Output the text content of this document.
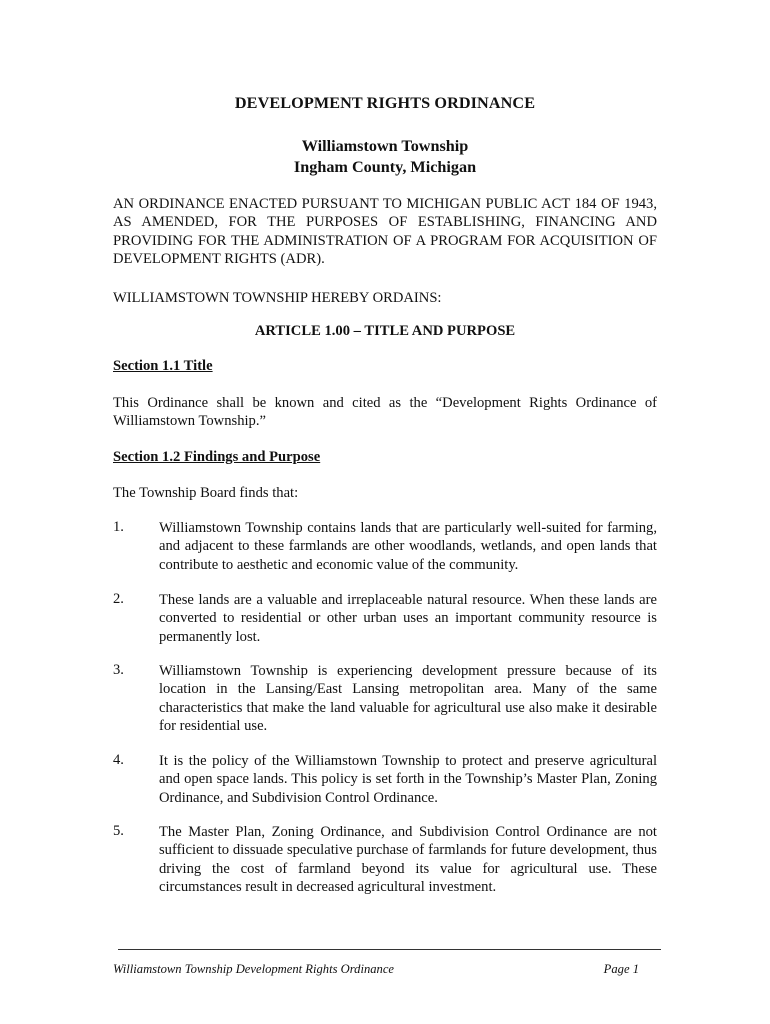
DEVELOPMENT RIGHTS ORDINANCE
Williamstown Township
Ingham County, Michigan

AN ORDINANCE ENACTED PURSUANT TO MICHIGAN PUBLIC ACT 184 OF 1943, AS AMENDED, FOR THE PURPOSES OF ESTABLISHING, FINANCING AND PROVIDING FOR THE ADMINISTRATION OF A PROGRAM FOR ACQUISITION OF DEVELOPMENT RIGHTS (ADR).

WILLIAMSTOWN TOWNSHIP HEREBY ORDAINS:

ARTICLE 1.00 – TITLE AND PURPOSE

Section 1.1 Title

This Ordinance shall be known and cited as the “Development Rights Ordinance of Williamstown Township.”

Section 1.2 Findings and Purpose

The Township Board finds that:

1. Williamstown Township contains lands that are particularly well-suited for farming, and adjacent to these farmlands are other woodlands, wetlands, and open lands that contribute to aesthetic and economic value of the community.

2. These lands are a valuable and irreplaceable natural resource. When these lands are converted to residential or other urban uses an important community resource is permanently lost.

3. Williamstown Township is experiencing development pressure because of its location in the Lansing/East Lansing metropolitan area. Many of the same characteristics that make the land valuable for agricultural use also make it desirable for residential use.

4. It is the policy of the Williamstown Township to protect and preserve agricultural and open space lands. This policy is set forth in the Township’s Master Plan, Zoning Ordinance, and Subdivision Control Ordinance.

5. The Master Plan, Zoning Ordinance, and Subdivision Control Ordinance are not sufficient to dissuade speculative purchase of farmlands for future development, thus driving the cost of farmland beyond its value for agricultural use. These circumstances result in decreased agricultural investment.

Williamstown Township Development Rights Ordinance	Page 1
